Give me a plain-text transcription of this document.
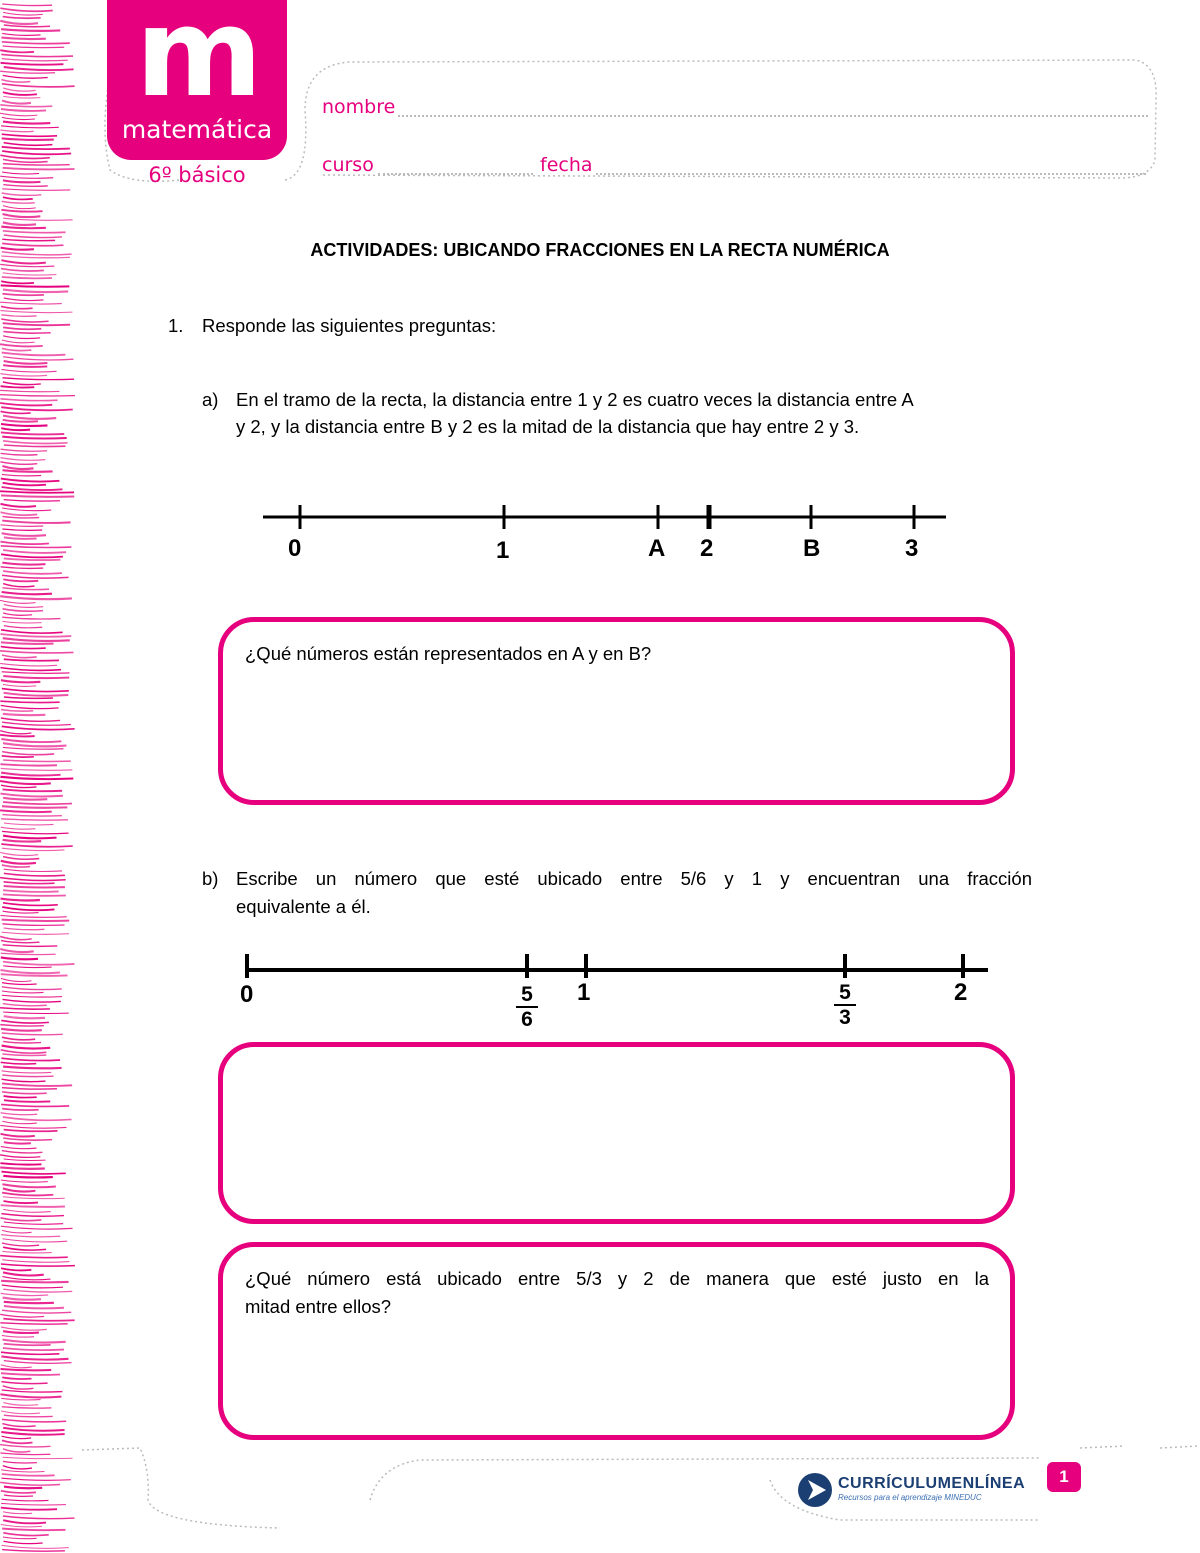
m
matemática
6º básico
nombre
curso	fecha
ACTIVIDADES: UBICANDO FRACCIONES EN LA RECTA NUMÉRICA
1. Responde las siguientes preguntas:
a) En el tramo de la recta, la distancia entre 1 y 2 es cuatro veces la distancia entre A
y 2, y la distancia entre B y 2 es la mitad de la distancia que hay entre 2 y 3.
0	1	A 2	B	3
¿Qué números están representados en A y en B?
b) Escribe un número que esté ubicado entre 5/6 y 1 y encuentran una fracción
equivalente a él.
0	5
6
1	5
3
2
¿Qué número está ubicado entre 5/3 y 2 de manera que esté justo en la
mitad entre ellos?
CURRÍCULUMENLÍNEA
Recursos para el aprendizaje MINEDUC
1
